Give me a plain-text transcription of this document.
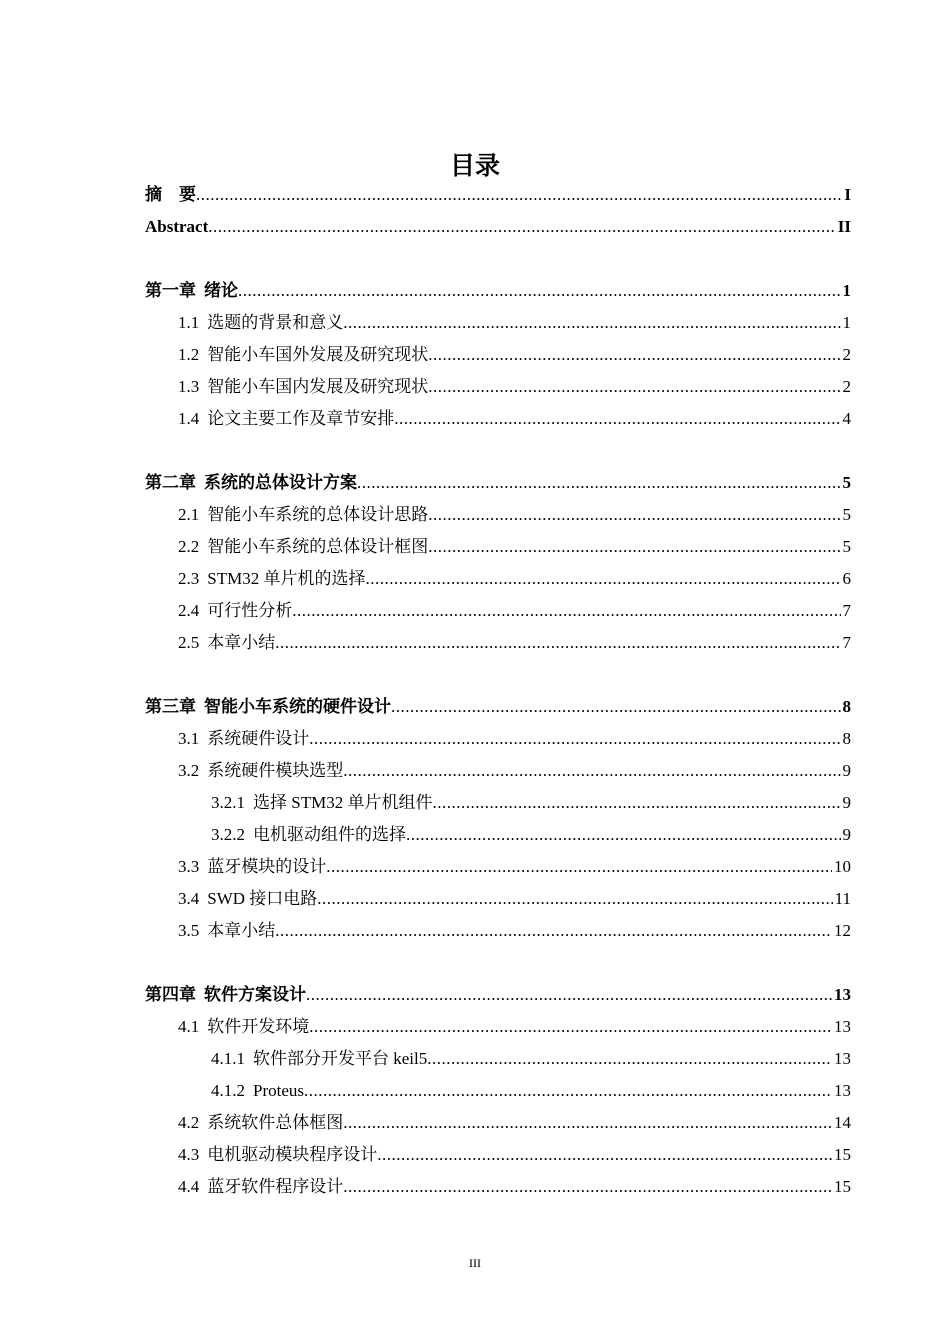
目录
摘　要 .....	I
Abstract .....	II
第一章 绪论 .....	1
1.1 选题的背景和意义 .....	1
1.2 智能小车国外发展及研究现状 .....	2
1.3 智能小车国内发展及研究现状 .....	2
1.4 论文主要工作及章节安排 .....	4
第二章 系统的总体设计方案 .....	5
2.1 智能小车系统的总体设计思路 .....	5
2.2 智能小车系统的总体设计框图 .....	5
2.3 STM32 单片机的选择 .....	6
2.4 可行性分析 .....	7
2.5 本章小结 .....	7
第三章 智能小车系统的硬件设计 .....	8
3.1 系统硬件设计 .....	8
3.2 系统硬件模块选型 .....	9
3.2.1 选择 STM32 单片机组件 .....	9
3.2.2 电机驱动组件的选择 .....	9
3.3 蓝牙模块的设计 .....	10
3.4 SWD 接口电路 .....	11
3.5 本章小结 .....	12
第四章 软件方案设计 .....	13
4.1 软件开发环境 .....	13
4.1.1 软件部分开发平台 keil5 .....	13
4.1.2 Proteus .....	13
4.2 系统软件总体框图 .....	14
4.3 电机驱动模块程序设计 .....	15
4.4 蓝牙软件程序设计 .....	15
III
